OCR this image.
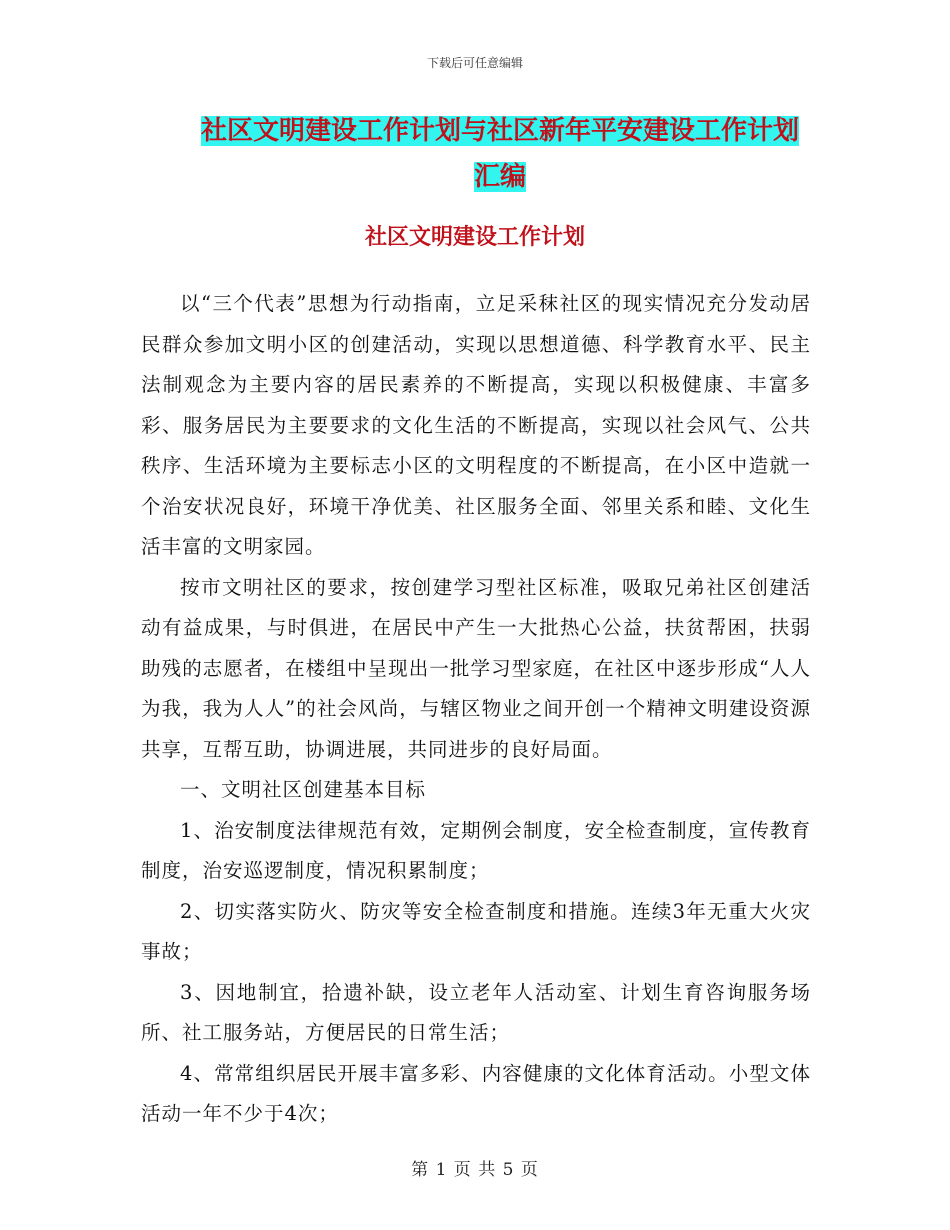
下载后可任意编辑
社区文明建设工作计划与社区新年平安建设工作计划
汇编
社区文明建设工作计划

以“三个代表”思想为行动指南，立足采秣社区的现实情况充分发动居民群众参加文明小区的创建活动，实现以思想道德、科学教育水平、民主法制观念为主要内容的居民素养的不断提高，实现以积极健康、丰富多彩、服务居民为主要要求的文化生活的不断提高，实现以社会风气、公共秩序、生活环境为主要标志小区的文明程度的不断提高，在小区中造就一个治安状况良好，环境干净优美、社区服务全面、邻里关系和睦、文化生活丰富的文明家园。

按市文明社区的要求，按创建学习型社区标准，吸取兄弟社区创建活动有益成果，与时俱进，在居民中产生一大批热心公益，扶贫帮困，扶弱助残的志愿者，在楼组中呈现出一批学习型家庭，在社区中逐步形成“人人为我，我为人人”的社会风尚，与辖区物业之间开创一个精神文明建设资源共享，互帮互助，协调进展，共同进步的良好局面。

一、文明社区创建基本目标

1、治安制度法律规范有效，定期例会制度，安全检查制度，宣传教育制度，治安巡逻制度，情况积累制度；

2、切实落实防火、防灾等安全检查制度和措施。连续3年无重大火灾事故；

3、因地制宜，拾遗补缺，设立老年人活动室、计划生育咨询服务场所、社工服务站，方便居民的日常生活；

4、常常组织居民开展丰富多彩、内容健康的文化体育活动。小型文体活动一年不少于4次；

第 1 页 共 5 页
